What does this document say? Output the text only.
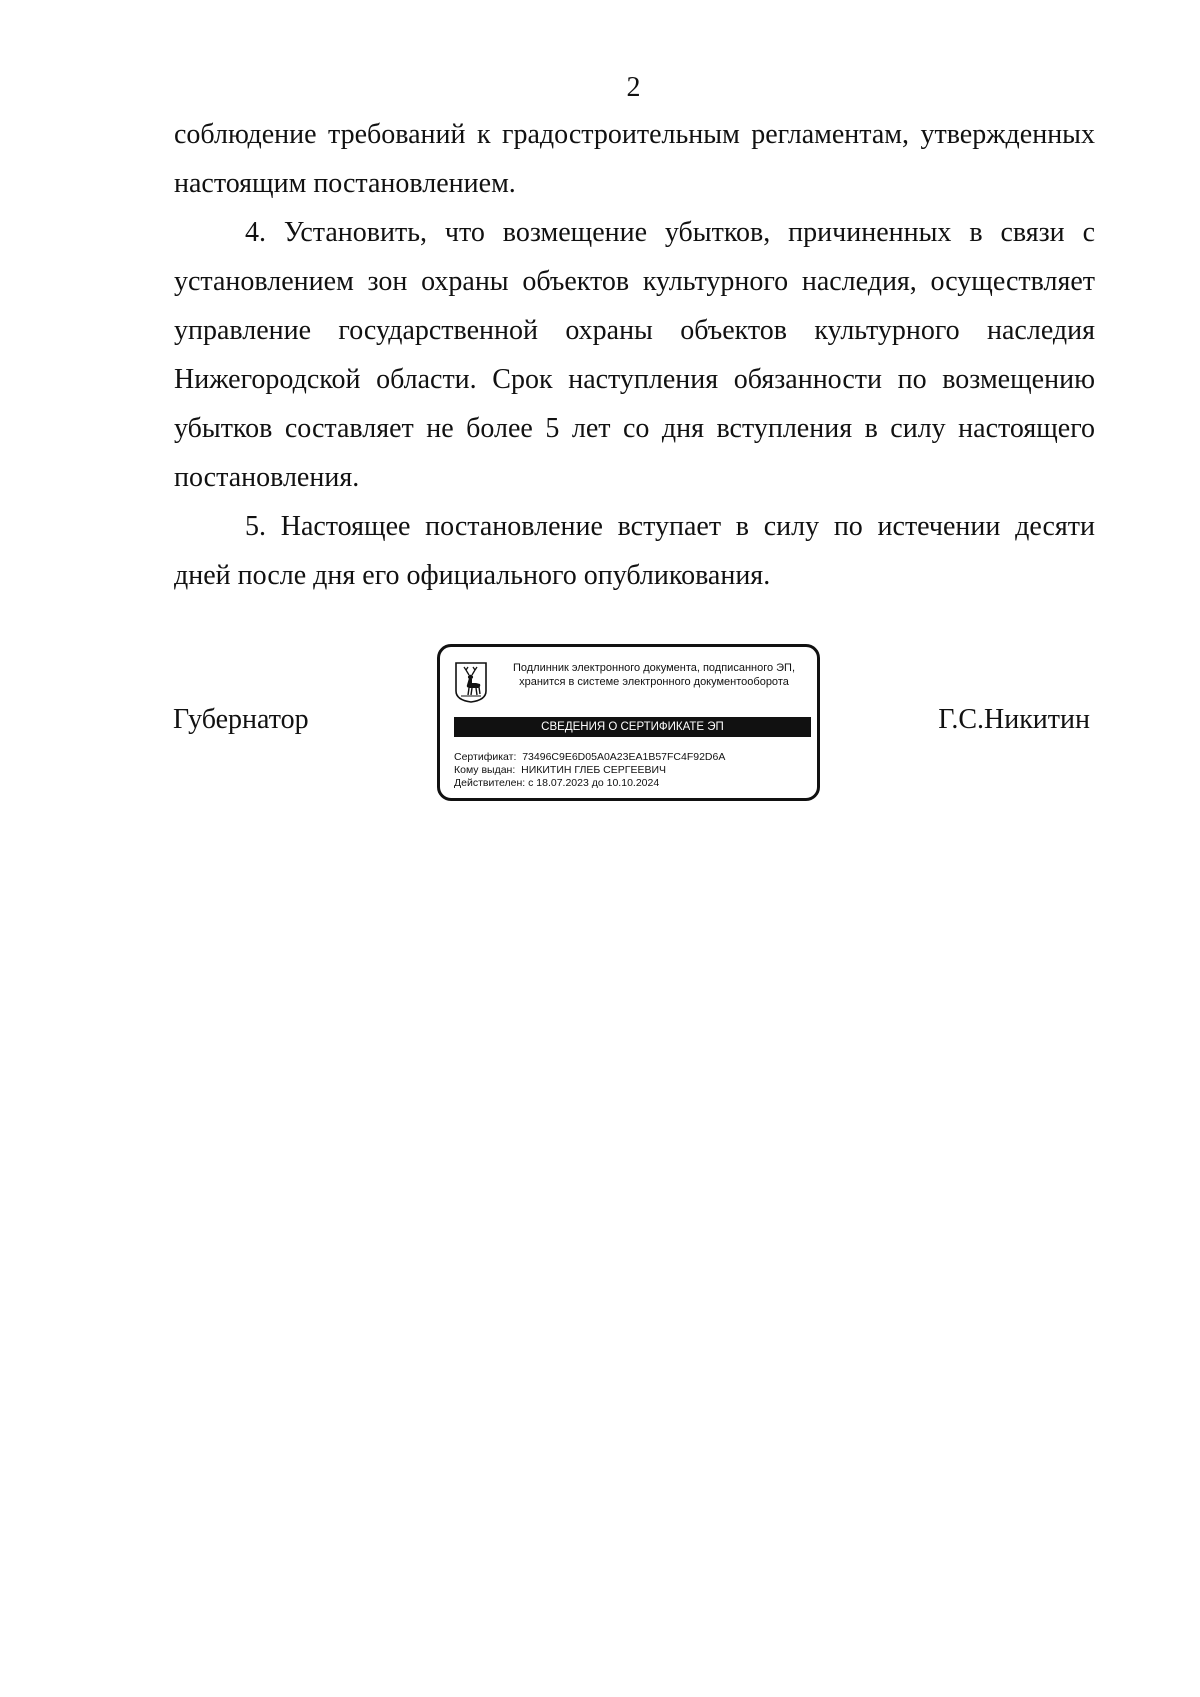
2

соблюдение требований к градостроительным регламентам, утвержденных настоящим постановлением.

4. Установить, что возмещение убытков, причиненных в связи с установлением зон охраны объектов культурного наследия, осуществляет управление государственной охраны объектов культурного наследия Нижегородской области. Срок наступления обязанности по возмещению убытков составляет не более 5 лет со дня вступления в силу настоящего постановления.

5. Настоящее постановление вступает в силу по истечении десяти дней после дня его официального опубликования.

Губернатор
Подлинник электронного документа, подписанного ЭП,
хранится в системе электронного документооборота
СВЕДЕНИЯ О СЕРТИФИКАТЕ ЭП
Сертификат: 73496C9E6D05A0A23EA1B57FC4F92D6A
Кому выдан: НИКИТИН ГЛЕБ СЕРГЕЕВИЧ
Действителен: с 18.07.2023 до 10.10.2024
Г.С.Никитин
